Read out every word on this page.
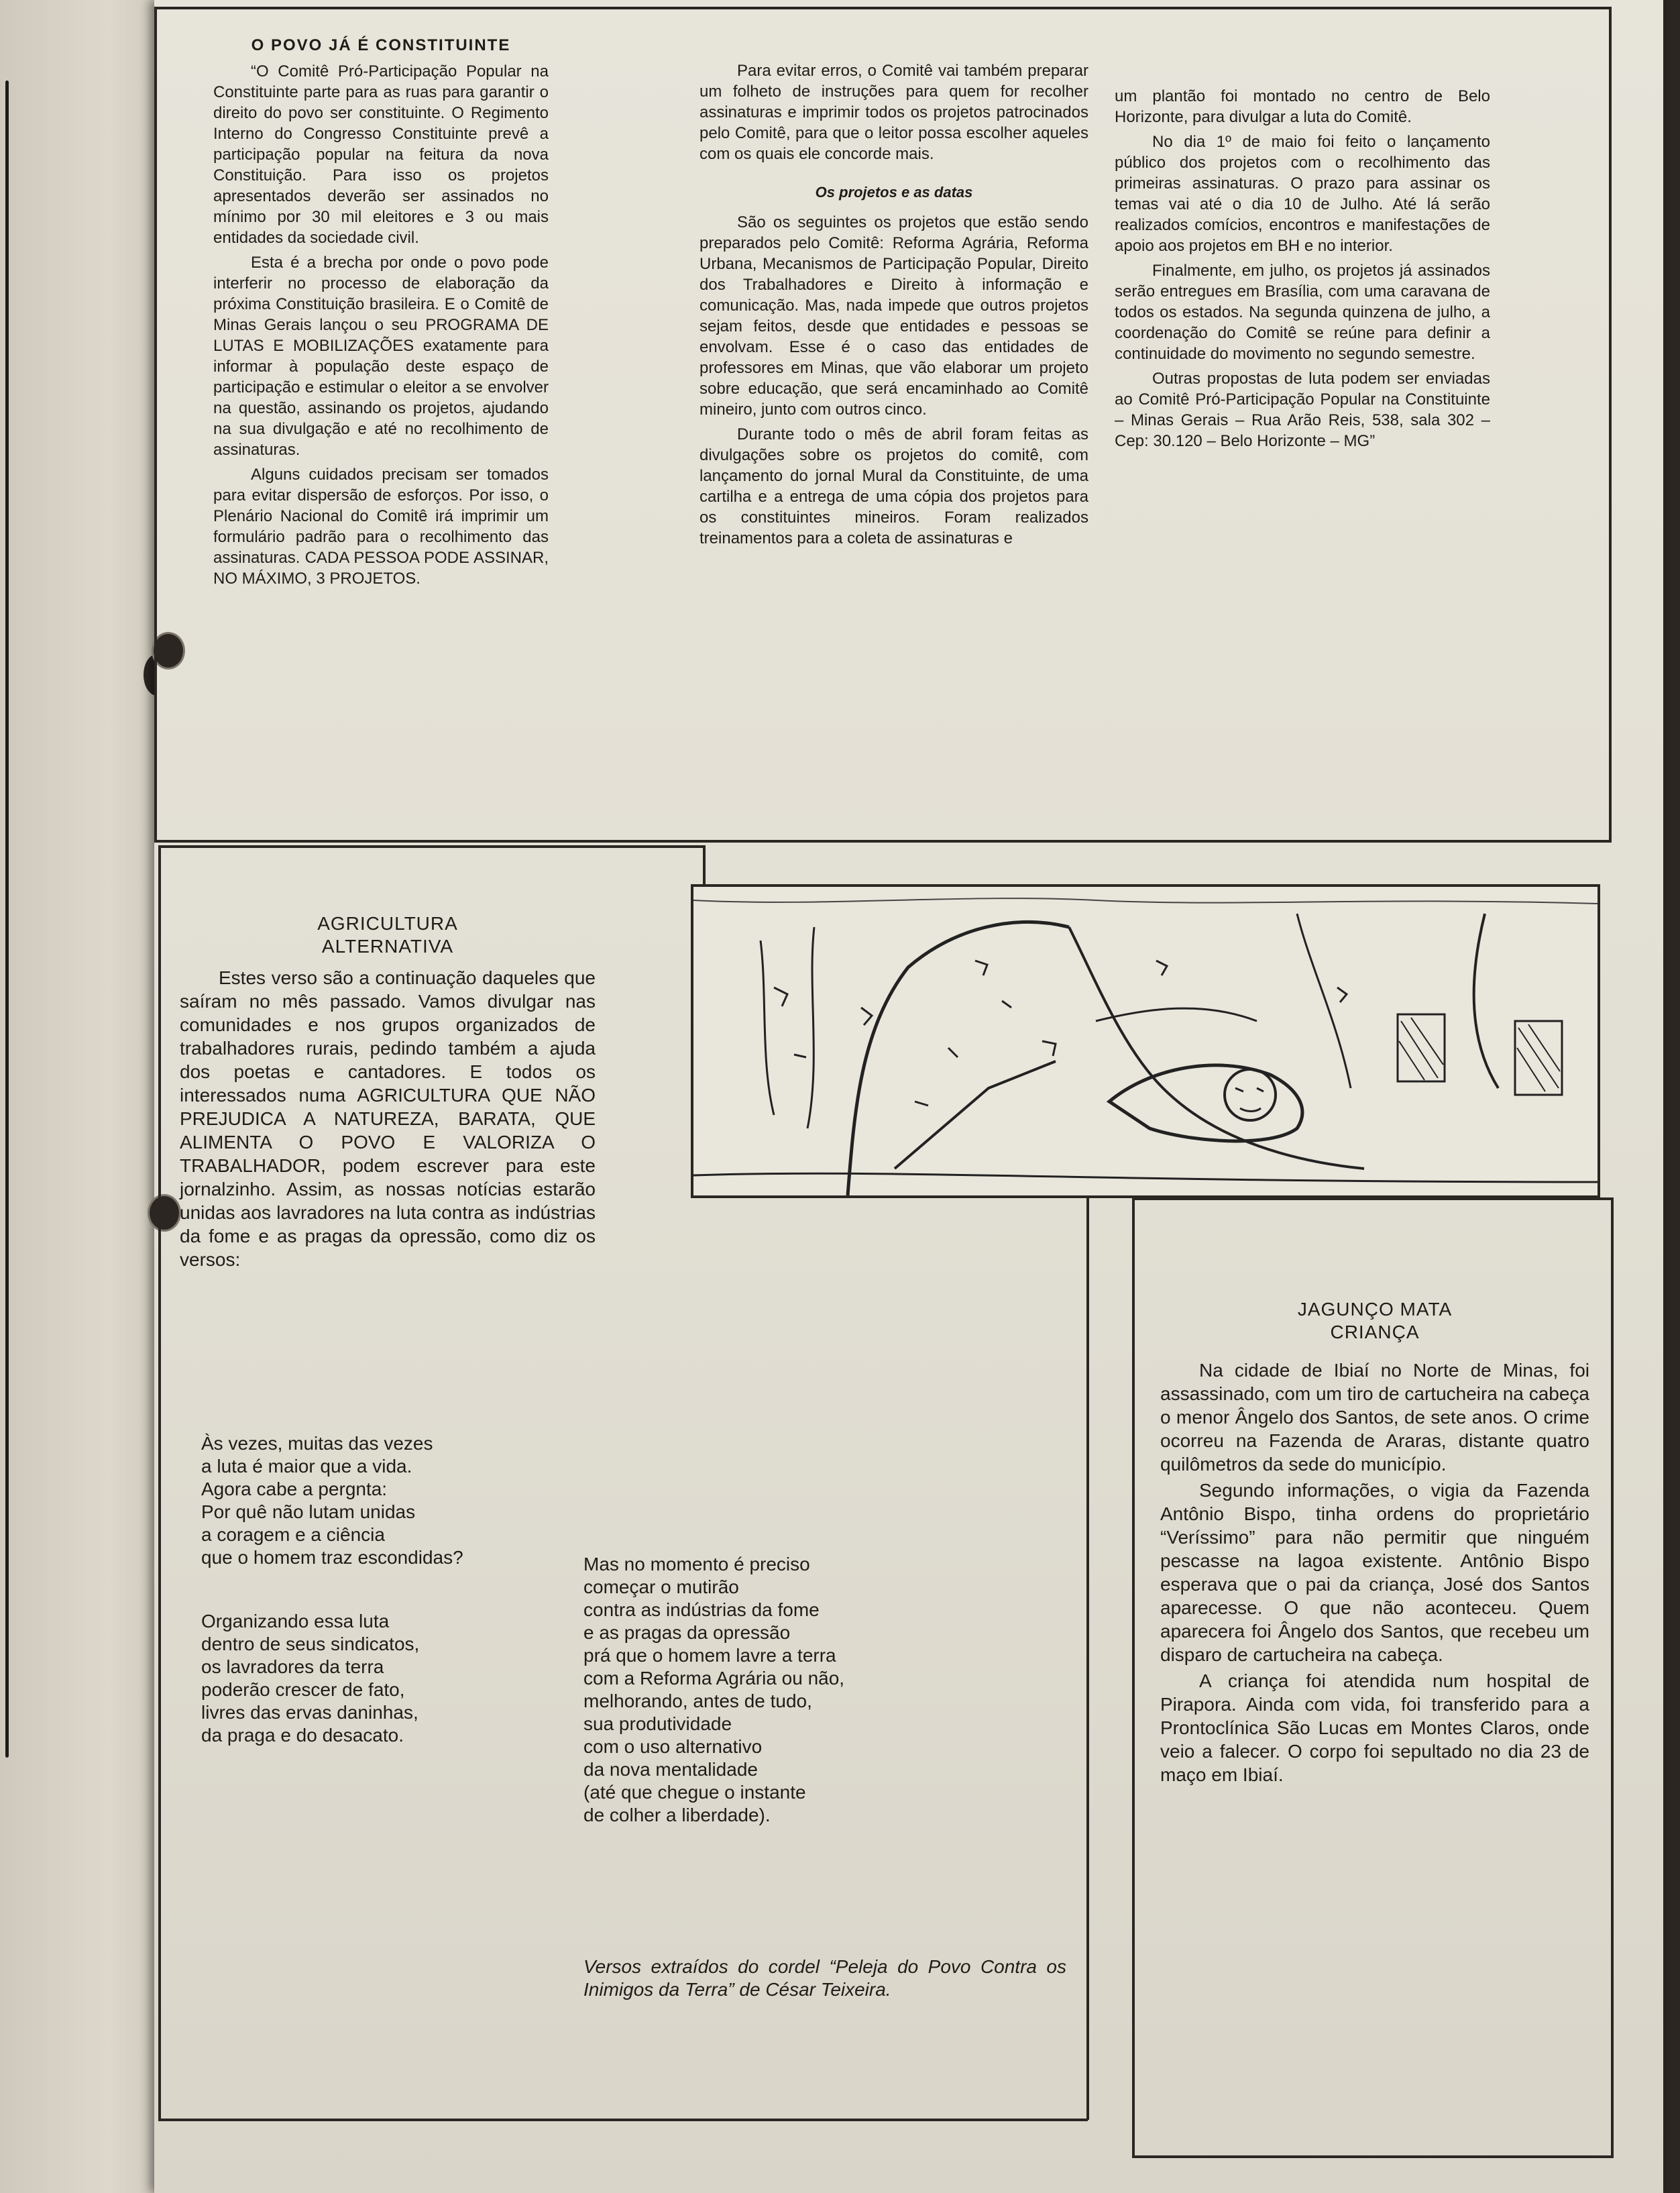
O POVO JÁ É CONSTITUINTE

“O Comitê Pró-Participação Popular na Constituinte parte para as ruas para garantir o direito do povo ser constituinte. O Regimento Interno do Congresso Constituinte prevê a participação popular na feitura da nova Constituição. Para isso os projetos apresentados deverão ser assinados no mínimo por 30 mil eleitores e 3 ou mais entidades da sociedade civil.

Esta é a brecha por onde o povo pode interferir no processo de elaboração da próxima Constituição brasileira. E o Comitê de Minas Gerais lançou o seu PROGRAMA DE LUTAS E MOBILIZAÇÕES exatamente para informar à população deste espaço de participação e estimular o eleitor a se envolver na questão, assinando os projetos, ajudando na sua divulgação e até no recolhimento de assinaturas.

Alguns cuidados precisam ser tomados para evitar dispersão de esforços. Por isso, o Plenário Nacional do Comitê irá imprimir um formulário padrão para o recolhimento das assinaturas. CADA PESSOA PODE ASSINAR, NO MÁXIMO, 3 PROJETOS.

Para evitar erros, o Comitê vai também preparar um folheto de instruções para quem for recolher assinaturas e imprimir todos os projetos patrocinados pelo Comitê, para que o leitor possa escolher aqueles com os quais ele concorde mais.

Os projetos e as datas

São os seguintes os projetos que estão sendo preparados pelo Comitê: Reforma Agrária, Reforma Urbana, Mecanismos de Participação Popular, Direito dos Trabalhadores e Direito à informação e comunicação. Mas, nada impede que outros projetos sejam feitos, desde que entidades e pessoas se envolvam. Esse é o caso das entidades de professores em Minas, que vão elaborar um projeto sobre educação, que será encaminhado ao Comitê mineiro, junto com outros cinco.

Durante todo o mês de abril foram feitas as divulgações sobre os projetos do comitê, com lançamento do jornal Mural da Constituinte, de uma cartilha e a entrega de uma cópia dos projetos para os constituintes mineiros. Foram realizados treinamentos para a coleta de assinaturas e

um plantão foi montado no centro de Belo Horizonte, para divulgar a luta do Comitê.

No dia 1º de maio foi feito o lançamento público dos projetos com o recolhimento das primeiras assinaturas. O prazo para assinar os temas vai até o dia 10 de Julho. Até lá serão realizados comícios, encontros e manifestações de apoio aos projetos em BH e no interior.

Finalmente, em julho, os projetos já assinados serão entregues em Brasília, com uma caravana de todos os estados. Na segunda quinzena de julho, a coordenação do Comitê se reúne para definir a continuidade do movimento no segundo semestre.

Outras propostas de luta podem ser enviadas ao Comitê Pró-Participação Popular na Constituinte – Minas Gerais – Rua Arão Reis, 538, sala 302 – Cep: 30.120 – Belo Horizonte – MG”

AGRICULTURA
ALTERNATIVA

Estes verso são a continuação daqueles que saíram no mês passado. Vamos divulgar nas comunidades e nos grupos organizados de trabalhadores rurais, pedindo também a ajuda dos poetas e cantadores. E todos os interessados numa AGRICULTURA QUE NÃO PREJUDICA A NATUREZA, BARATA, QUE ALIMENTA O POVO E VALORIZA O TRABALHADOR, podem escrever para este jornalzinho. Assim, as nossas notícias estarão unidas aos lavradores na luta contra as indústrias da fome e as pragas da opressão, como diz os versos:

Às vezes, muitas das vezes
a luta é maior que a vida.
Agora cabe a pergnta:
Por quê não lutam unidas
a coragem e a ciência
que o homem traz escondidas?
Organizando essa luta
dentro de seus sindicatos,
os lavradores da terra
poderão crescer de fato,
livres das ervas daninhas,
da praga e do desacato.
Mas no momento é preciso
começar o mutirão
contra as indústrias da fome
e as pragas da opressão
prá que o homem lavre a terra
com a Reforma Agrária ou não,
melhorando, antes de tudo,
sua produtividade
com o uso alternativo
da nova mentalidade
(até que chegue o instante
de colher a liberdade).
Versos extraídos do cordel “Peleja do Povo Contra os Inimigos da Terra” de César Teixeira.
JAGUNÇO MATA
CRIANÇA

Na cidade de Ibiaí no Norte de Minas, foi assassinado, com um tiro de cartucheira na cabeça o menor Ângelo dos Santos, de sete anos. O crime ocorreu na Fazenda de Araras, distante quatro quilômetros da sede do município.

Segundo informações, o vigia da Fazenda Antônio Bispo, tinha ordens do proprietário “Veríssimo” para não permitir que ninguém pescasse na lagoa existente. Antônio Bispo esperava que o pai da criança, José dos Santos aparecesse. O que não aconteceu. Quem aparecera foi Ângelo dos Santos, que recebeu um disparo de cartucheira na cabeça.

A criança foi atendida num hospital de Pirapora. Ainda com vida, foi transferido para a Prontoclínica São Lucas em Montes Claros, onde veio a falecer. O corpo foi sepultado no dia 23 de maço em Ibiaí.
